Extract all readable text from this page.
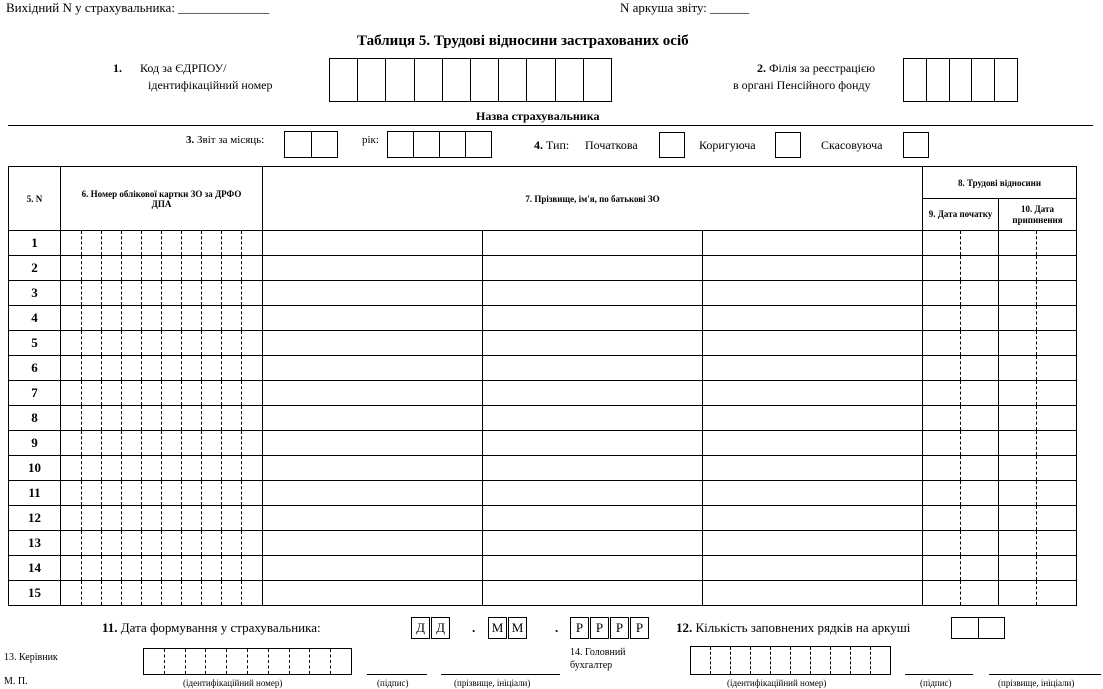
Вихідний N у страхувальника: ______________	N аркуша звіту: ______
Таблиця 5. Трудові відносини застрахованих осіб
1. Код за ЄДРПОУ/
ідентифікаційний номер
2. Філія за реєстрацією
в органі Пенсійного фонду
Назва страхувальника
3. Звіт за місяць:	рік:	4. Тип: Початкова	Коригуюча	Скасовуюча
5. N	6. Номер облікової картки ЗО за ДРФО ДПА	7. Прізвище, ім'я, по батькові ЗО			8. Трудові відносини	
					9. Дата початку	10. Дата припинення
1	

2	

3	

4	

5	

6	

7	

8	

9	

10	

11	

12	

13	

14	

15	

11. Дата формування у страхувальника:	Д Д	. М М .	Р Р Р Р	12. Кількість заповнених рядків на аркуші
13. Керівник
М. П.	(ідентифікаційний номер)	(підпис)	(прізвище, ініціали)
14. Головний
бухгалтер
(ідентифікаційний номер)	(підпис)	(прізвище, ініціали)
